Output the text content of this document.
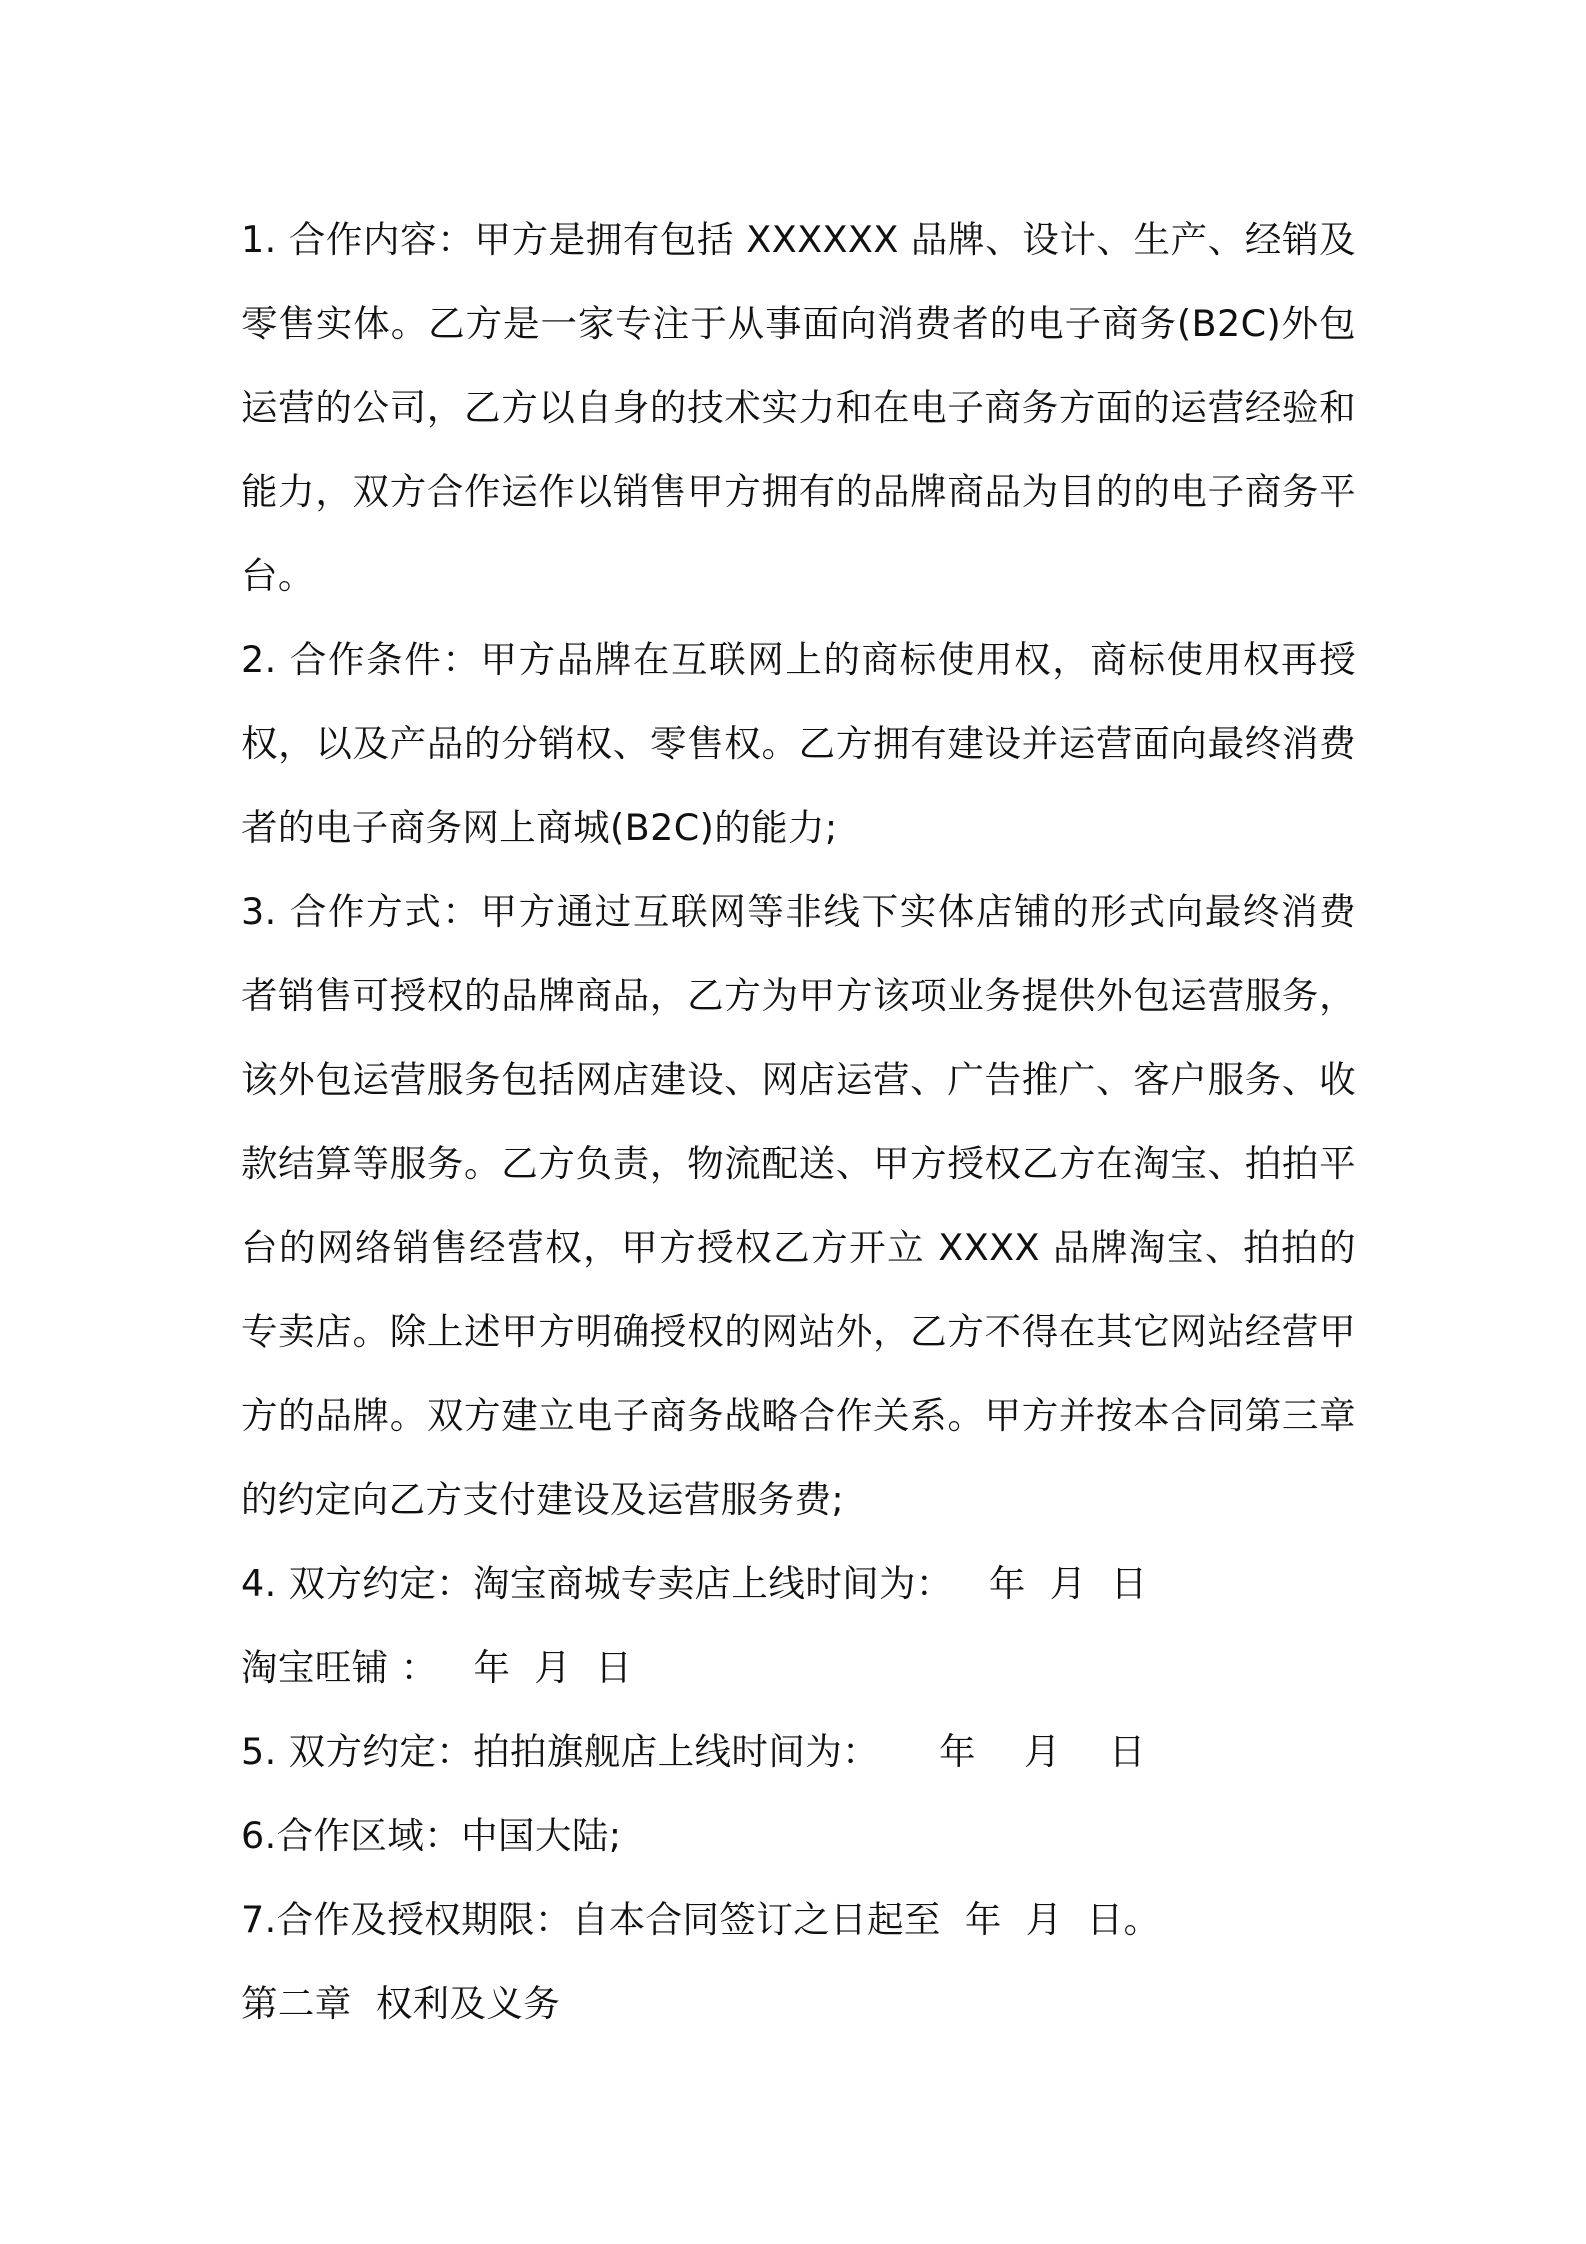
1. 合作内容：甲方是拥有包括 XXXXXX 品牌、设计、生产、经销及零售实体。乙方是一家专注于从事面向消费者的电子商务(B2C)外包运营的公司，乙方以自身的技术实力和在电子商务方面的运营经验和能力，双方合作运作以销售甲方拥有的品牌商品为目的的电子商务平台。

2. 合作条件：甲方品牌在互联网上的商标使用权，商标使用权再授权，以及产品的分销权、零售权。乙方拥有建设并运营面向最终消费者的电子商务网上商城(B2C)的能力;

3. 合作方式：甲方通过互联网等非线下实体店铺的形式向最终消费者销售可授权的品牌商品，乙方为甲方该项业务提供外包运营服务，该外包运营服务包括网店建设、网店运营、广告推广、客户服务、收款结算等服务。乙方负责，物流配送、甲方授权乙方在淘宝、拍拍平台的网络销售经营权，甲方授权乙方开立 XXXX 品牌淘宝、拍拍的专卖店。除上述甲方明确授权的网站外，乙方不得在其它网站经营甲方的品牌。双方建立电子商务战略合作关系。甲方并按本合同第三章的约定向乙方支付建设及运营服务费;

4. 双方约定：淘宝商城专卖店上线时间为：   年  月  日

淘宝旺铺 ：   年  月  日

5. 双方约定：拍拍旗舰店上线时间为：     年    月    日

6.合作区域：中国大陆;

7.合作及授权期限：自本合同签订之日起至  年  月  日。

第二章  权利及义务
